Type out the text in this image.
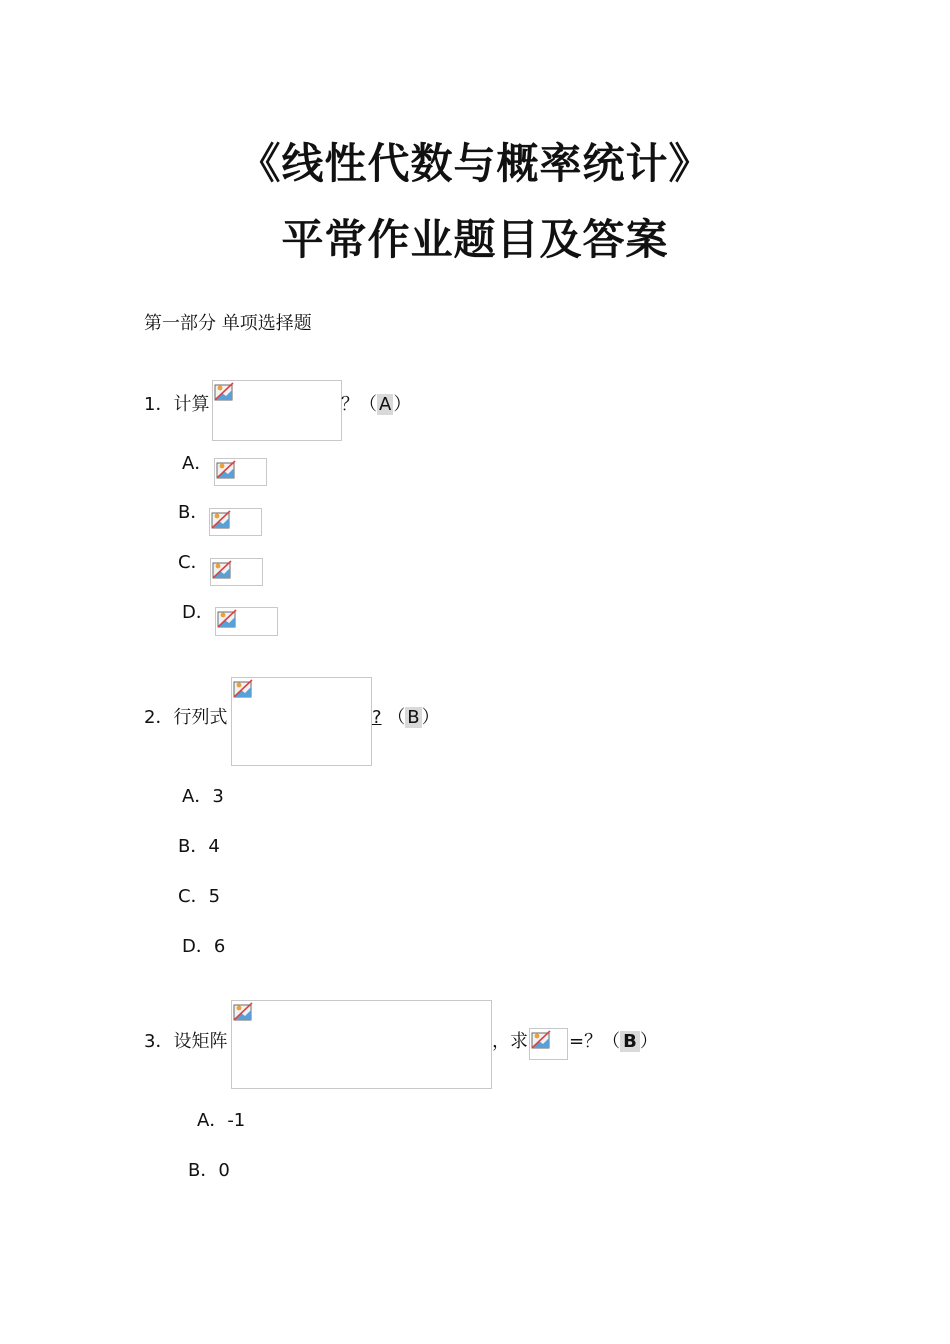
《线性代数与概率统计》
平常作业题目及答案
第一部分 单项选择题
1．计算	？（ A ）
A．
B．
C．
D．
2．行列式	? （ B ）
A．3
B．4
C．5
D．6
3．设矩阵	，求 =？（ B ）
A．-1
B．0
